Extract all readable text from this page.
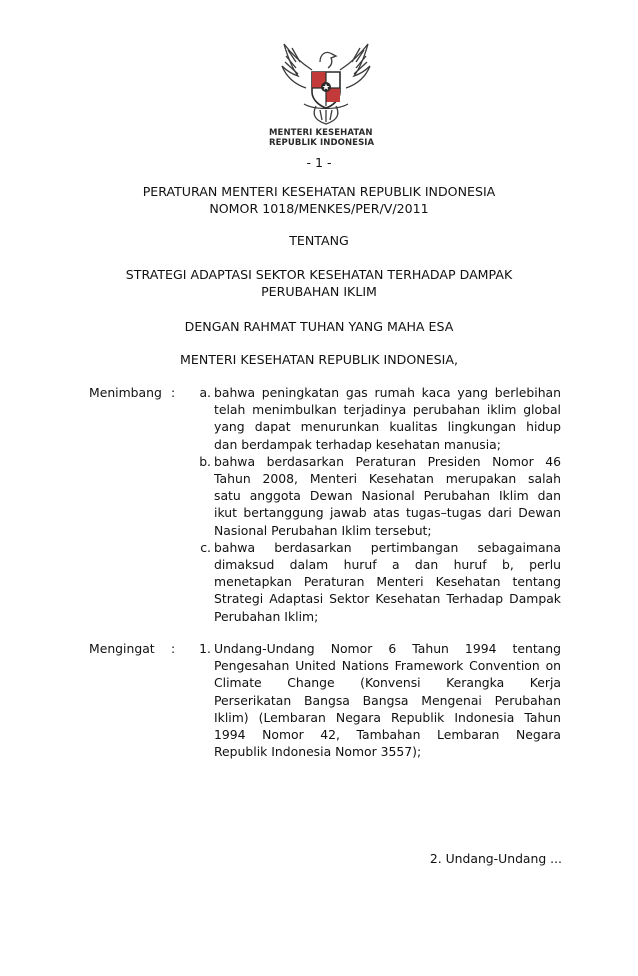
MENTERI KESEHATAN
REPUBLIK INDONESIA
- 1 -
PERATURAN MENTERI KESEHATAN REPUBLIK INDONESIA
NOMOR 1018/MENKES/PER/V/2011
TENTANG
STRATEGI ADAPTASI SEKTOR KESEHATAN TERHADAP DAMPAK
PERUBAHAN IKLIM
DENGAN RAHMAT TUHAN YANG MAHA ESA
MENTERI KESEHATAN REPUBLIK INDONESIA,
Menimbang :	a. bahwa peningkatan gas rumah kaca yang berlebihan
telah menimbulkan terjadinya perubahan iklim global
yang dapat menurunkan kualitas lingkungan hidup
dan berdampak terhadap kesehatan manusia;
b. bahwa berdasarkan Peraturan Presiden Nomor 46
Tahun 2008, Menteri Kesehatan merupakan salah
satu anggota Dewan Nasional Perubahan Iklim dan
ikut bertanggung jawab atas tugas–tugas dari Dewan
Nasional Perubahan Iklim tersebut;
c. bahwa berdasarkan pertimbangan sebagaimana
dimaksud dalam huruf a dan huruf b, perlu
menetapkan Peraturan Menteri Kesehatan tentang
Strategi Adaptasi Sektor Kesehatan Terhadap Dampak
Perubahan Iklim;
Mengingat :	1. Undang-Undang Nomor 6 Tahun 1994 tentang
Pengesahan United Nations Framework Convention on
Climate Change (Konvensi Kerangka Kerja
Perserikatan Bangsa Bangsa Mengenai Perubahan
Iklim) (Lembaran Negara Republik Indonesia Tahun
1994 Nomor 42, Tambahan Lembaran Negara
Republik Indonesia Nomor 3557);
2. Undang-Undang ...
